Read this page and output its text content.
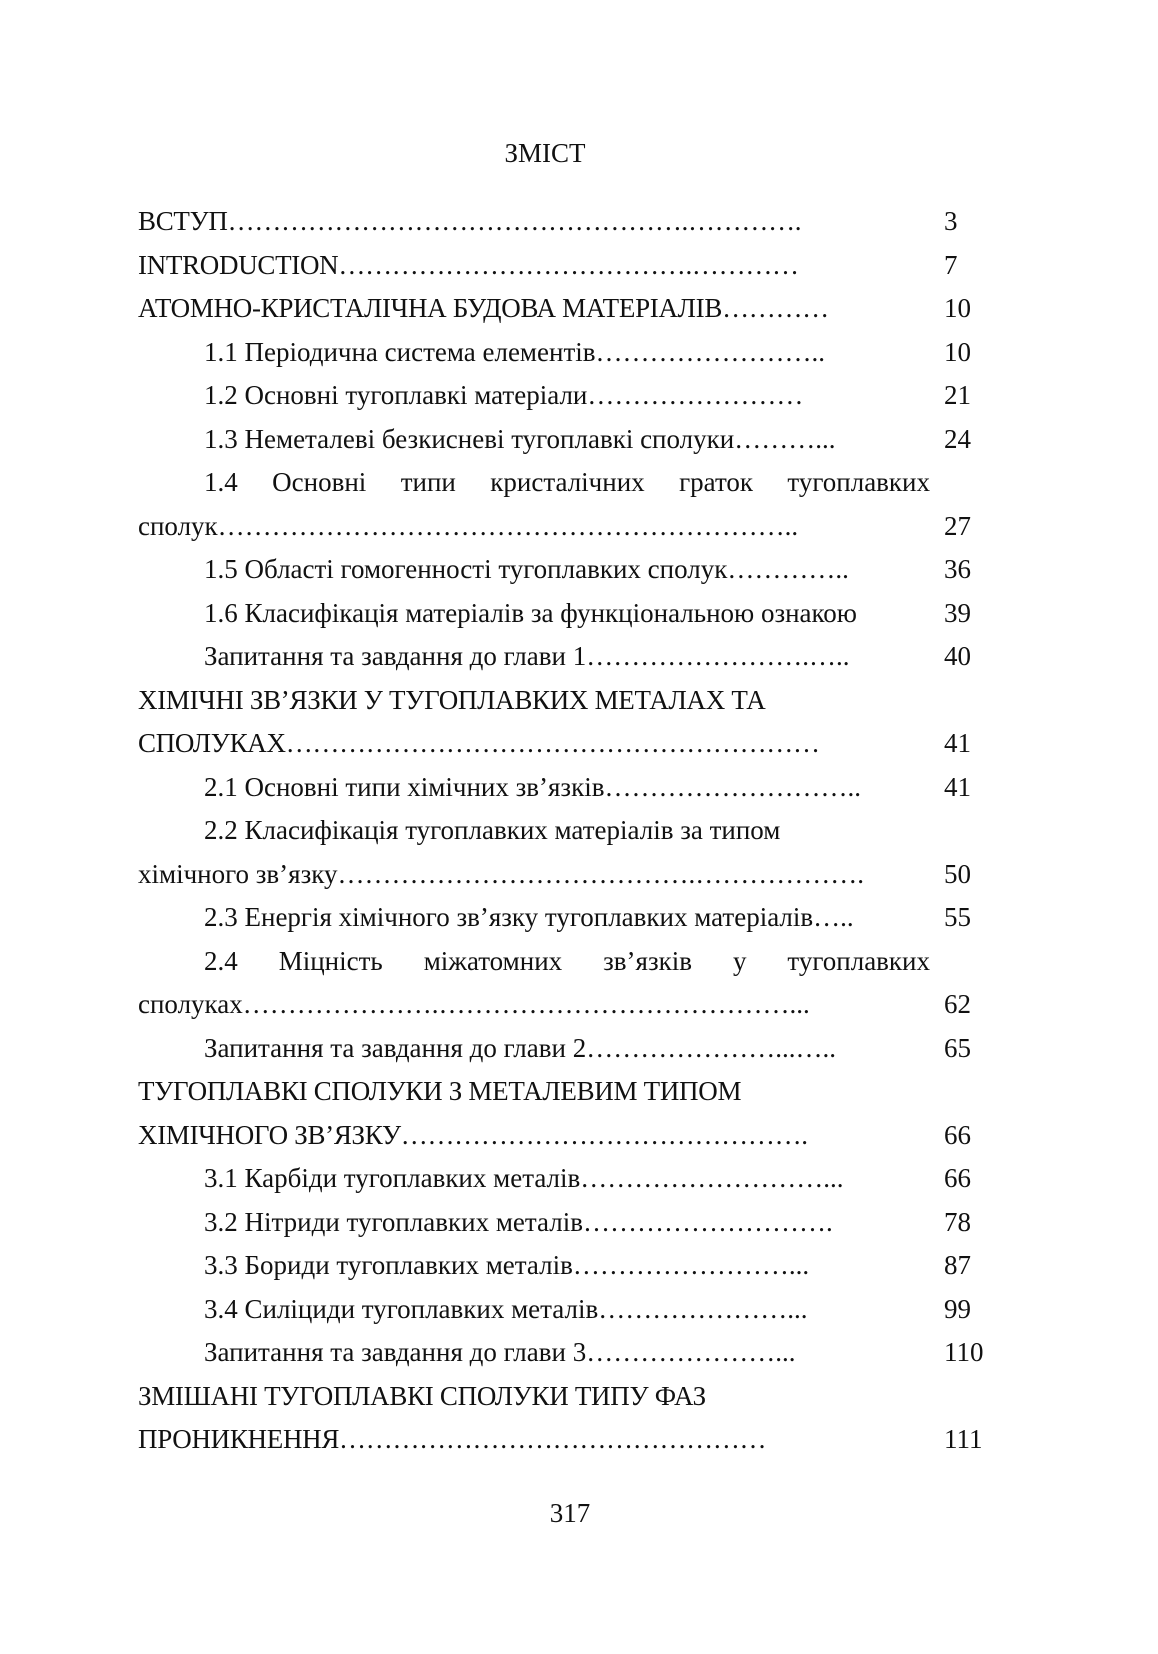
ЗМІСТ
ВСТУП…………………………………………….………….	3
INTRODUCTION………………………………….…………	7
АТОМНО-КРИСТАЛІЧНА БУДОВА МАТЕРІАЛІВ…………	10
1.1 Періодична система елементів……………………..	10
1.2 Основні тугоплавкі матеріали……………………	21
1.3 Неметалеві безкисневі тугоплавкі сполуки………...	24
1.4 Основні типи кристалічних граток тугоплавких
сполук………………………………………………………..	27
1.5 Області гомогенності тугоплавких сполук…………..	36
1.6 Класифікація матеріалів за функціональною ознакою	39
Запитання та завдання до глави 1…………………….…..	40
ХІМІЧНІ ЗВ’ЯЗКИ У ТУГОПЛАВКИХ МЕТАЛАХ ТА
СПОЛУКАХ……………………………………………………	41
2.1 Основні типи хімічних зв’язків………………………..	41
2.2 Класифікація тугоплавких матеріалів за типом
хімічного зв’язку………………………………….……………….	50
2.3 Енергія хімічного зв’язку тугоплавких матеріалів…..	55
2.4 Міцність міжатомних зв’язків у тугоплавких
сполуках………………….…………………………………...	62
Запитання та завдання до глави 2…………………...…..	65
ТУГОПЛАВКІ СПОЛУКИ З МЕТАЛЕВИМ ТИПОМ
ХІМІЧНОГО ЗВ’ЯЗКУ……………………………………….	66
3.1 Карбіди тугоплавких металів………………………...	66
3.2 Нітриди тугоплавких металів……………………….	78
3.3 Бориди тугоплавких металів……………………...	87
3.4 Силіциди тугоплавких металів…………………...	99
Запитання та завдання до глави 3…………………...	110
ЗМІШАНІ ТУГОПЛАВКІ СПОЛУКИ ТИПУ ФАЗ
ПРОНИКНЕННЯ…………………………………………	111
317
